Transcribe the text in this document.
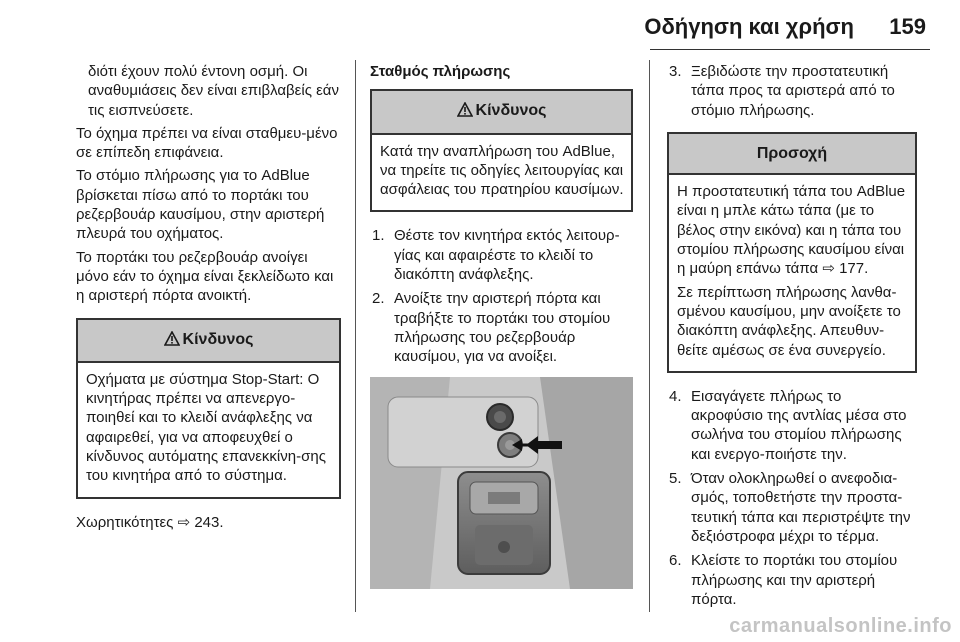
Οδήγηση και χρήση 159

διότι έχουν πολύ έντονη οσμή. Οι αναθυμιάσεις δεν είναι επιβλαβείς εάν τις εισπνεύσετε.

Το όχημα πρέπει να είναι σταθμευ-μένο σε επίπεδη επιφάνεια.

Το στόμιο πλήρωσης για το AdBlue βρίσκεται πίσω από το πορτάκι του ρεζερβουάρ καυσίμου, στην αριστερή πλευρά του οχήματος.

Το πορτάκι του ρεζερβουάρ ανοίγει μόνο εάν το όχημα είναι ξεκλείδωτο και η αριστερή πόρτα ανοικτή.

Κίνδυνος

Οχήματα με σύστημα Stop-Start: Ο κινητήρας πρέπει να απενεργο-ποιηθεί και το κλειδί ανάφλεξης να αφαιρεθεί, για να αποφευχθεί ο κίνδυνος αυτόματης επανεκκίνη-σης του κινητήρα από το σύστημα.

Χωρητικότητες ⇨ 243.

Σταθμός πλήρωσης

Κίνδυνος

Κατά την αναπλήρωση του AdBlue, να τηρείτε τις οδηγίες λειτουργίας και ασφάλειας του πρατηρίου καυσίμων.

1. Θέστε τον κινητήρα εκτός λειτουρ-γίας και αφαιρέστε το κλειδί το διακόπτη ανάφλεξης.
2. Ανοίξτε την αριστερή πόρτα και τραβήξτε το πορτάκι του στομίου πλήρωσης του ρεζερβουάρ καυσίμου, για να ανοίξει.
3. Ξεβιδώστε την προστατευτική τάπα προς τα αριστερά από το στόμιο πλήρωσης.
Προσοχή

Η προστατευτική τάπα του AdBlue είναι η μπλε κάτω τάπα (με το βέλος στην εικόνα) και η τάπα του στομίου πλήρωσης καυσίμου είναι η μαύρη επάνω τάπα ⇨ 177.

Σε περίπτωση πλήρωσης λανθα-σμένου καυσίμου, μην ανοίξετε το διακόπτη ανάφλεξης. Απευθυν-θείτε αμέσως σε ένα συνεργείο.

4. Εισαγάγετε πλήρως το ακροφύσιο της αντλίας μέσα στο σωλήνα του στομίου πλήρωσης και ενεργο-ποιήστε την.
5. Όταν ολοκληρωθεί ο ανεφοδια-σμός, τοποθετήστε την προστα-τευτική τάπα και περιστρέψτε την δεξιόστροφα μέχρι το τέρμα.
6. Κλείστε το πορτάκι του στομίου πλήρωσης και την αριστερή πόρτα.
carmanualsonline.info
